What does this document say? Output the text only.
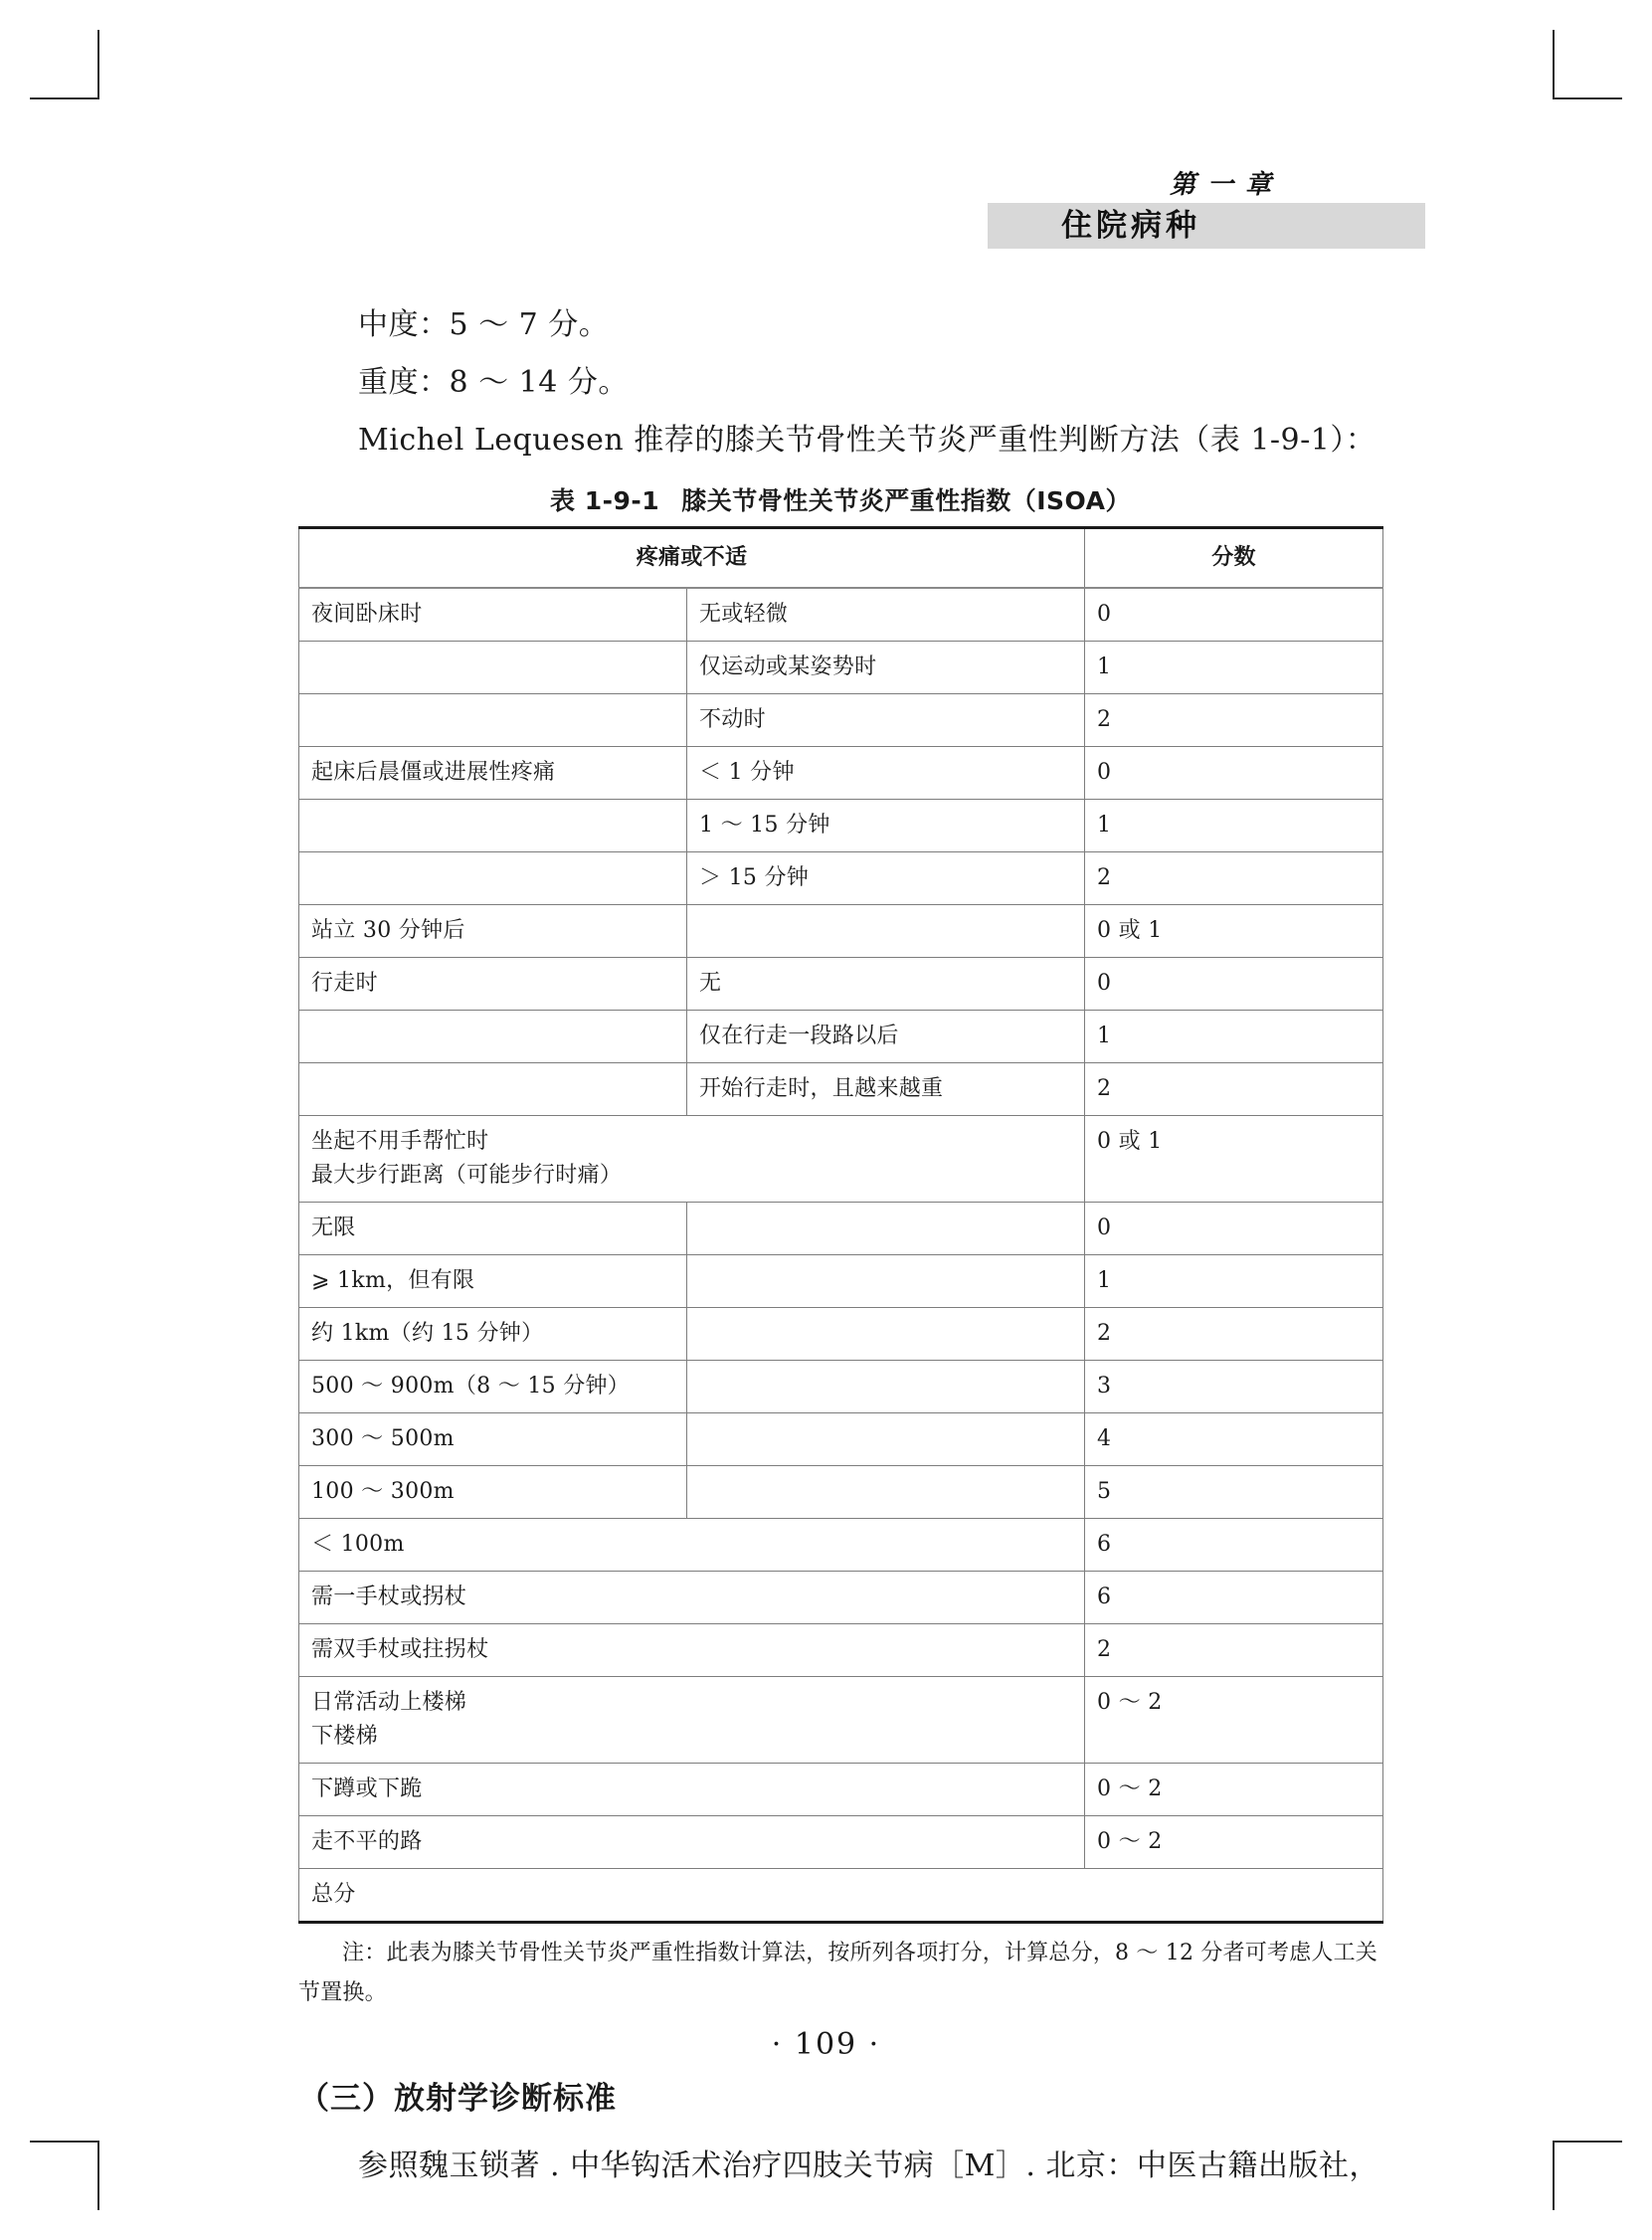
第一章
住院病种

中度：5 ～ 7 分。

重度：8 ～ 14 分。

Michel Lequesen 推荐的膝关节骨性关节炎严重性判断方法（表 1-9-1）：

表 1-9-1 膝关节骨性关节炎严重性指数（ISOA）
疼痛或不适		分数
夜间卧床时	无或轻微	0
	仅运动或某姿势时	1
	不动时	2
起床后晨僵或进展性疼痛	＜ 1 分钟	0
	1 ～ 15 分钟	1
	＞ 15 分钟	2
站立 30 分钟后		0 或 1
行走时	无	0
	仅在行走一段路以后	1
	开始行走时，且越来越重	2
坐起不用手帮忙时
最大步行距离（可能步行时痛）		0 或 1
无限		0
⩾ 1km，但有限		1
约 1km（约 15 分钟）		2
500 ～ 900m（8 ～ 15 分钟）		3
300 ～ 500m		4
100 ～ 300m		5
＜ 100m		6
需一手杖或拐杖		6
需双手杖或拄拐杖		2
日常活动上楼梯
下楼梯		0 ～ 2
下蹲或下跪		0 ～ 2
走不平的路		0 ～ 2
总分		

注：此表为膝关节骨性关节炎严重性指数计算法，按所列各项打分，计算总分，8 ～ 12 分者可考虑人工关节置换。

（三）放射学诊断标准

参照魏玉锁著 . 中华钩活术治疗四肢关节病［M］. 北京：中医古籍出版社，

· 109 ·
